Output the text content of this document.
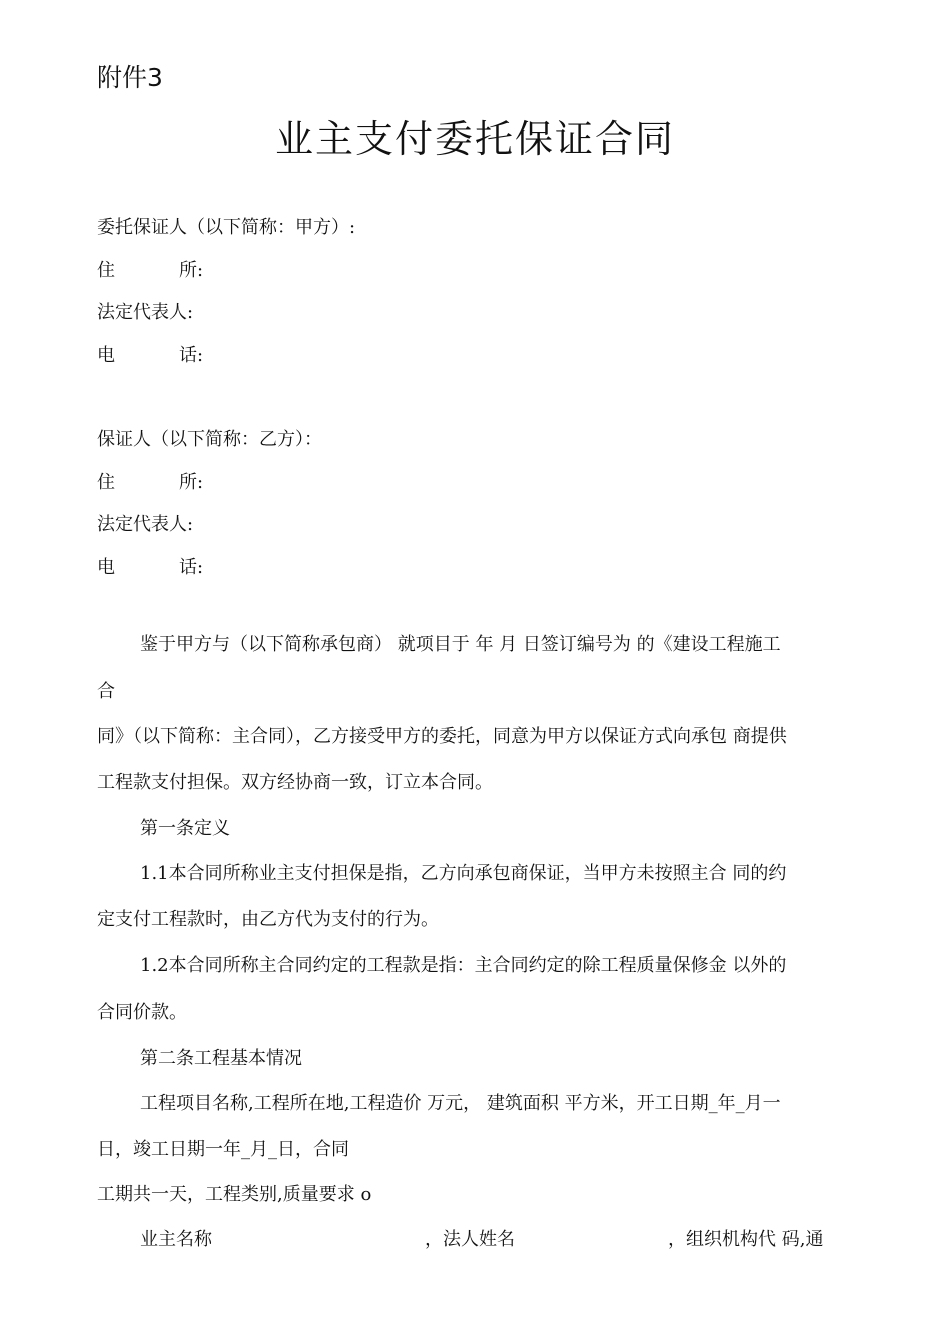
附件3
业主支付委托保证合同
委托保证人（以下简称：甲方）:
住	所:
法定代表人:
电	话:
保证人（以下简称：乙方）：
住	所:
法定代表人:
电	话:
鉴于甲方与（以下简称承包商） 就项目于 年 月 日签订编号为 的《建设工程施工
合
同》（以下简称：主合同），乙方接受甲方的委托，同意为甲方以保证方式向承包 商提供
工程款支付担保。双方经协商一致，订立本合同。
第一条定义
1.1本合同所称业主支付担保是指，乙方向承包商保证，当甲方未按照主合 同的约
定支付工程款时，由乙方代为支付的行为。
1.2本合同所称主合同约定的工程款是指：主合同约定的除工程质量保修金 以外的
合同价款。
第二条工程基本情况
工程项目名称,工程所在地,工程造价 万元， 建筑面积 平方米，开工日期_年_月一
日，竣工日期一年_月_日，合同
工期共一天，工程类别,质量要求 o
业主名称	，法人姓名	，组织机构代 码,通
